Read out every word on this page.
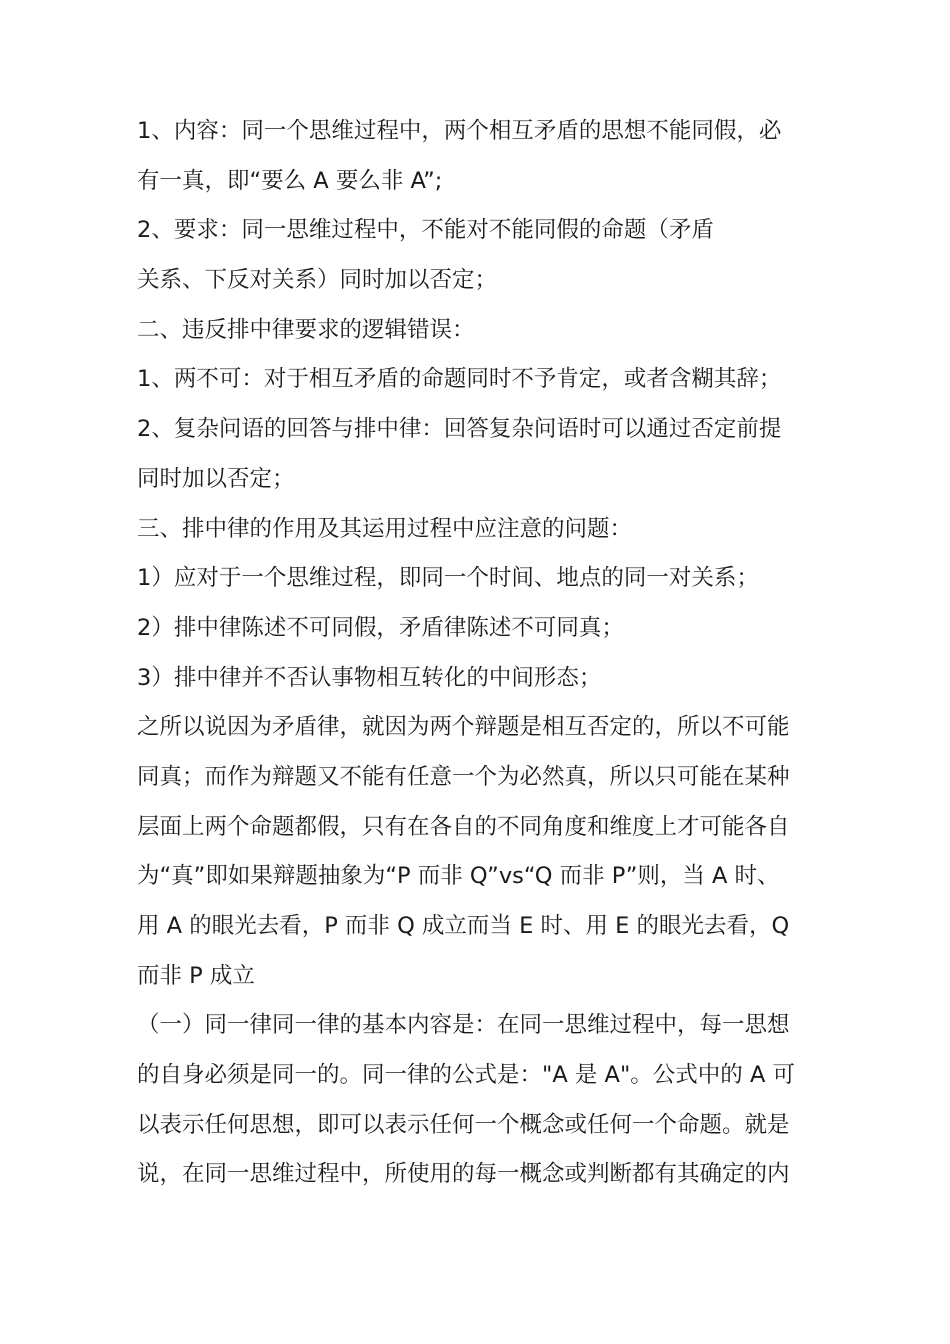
1、内容：同一个思维过程中，两个相互矛盾的思想不能同假，必
有一真，即“要么 A 要么非 A”;
2、要求：同一思维过程中，不能对不能同假的命题（矛盾
关系、下反对关系）同时加以否定；
二、违反排中律要求的逻辑错误：
1、两不可：对于相互矛盾的命题同时不予肯定，或者含糊其辞；
2、复杂问语的回答与排中律：回答复杂问语时可以通过否定前提
同时加以否定；
三、排中律的作用及其运用过程中应注意的问题：
1）应对于一个思维过程，即同一个时间、地点的同一对关系；
2）排中律陈述不可同假，矛盾律陈述不可同真；
3）排中律并不否认事物相互转化的中间形态；
之所以说因为矛盾律，就因为两个辩题是相互否定的，所以不可能
同真；而作为辩题又不能有任意一个为必然真，所以只可能在某种
层面上两个命题都假，只有在各自的不同角度和维度上才可能各自
为“真”即如果辩题抽象为“P 而非 Q”vs“Q 而非 P”则，当 A 时、
用 A 的眼光去看，P 而非 Q 成立而当 E 时、用 E 的眼光去看，Q
而非 P 成立
（一）同一律同一律的基本内容是：在同一思维过程中，每一思想
的自身必须是同一的。同一律的公式是："A 是 A"。公式中的 A 可
以表示任何思想，即可以表示任何一个概念或任何一个命题。就是
说，在同一思维过程中，所使用的每一概念或判断都有其确定的内
